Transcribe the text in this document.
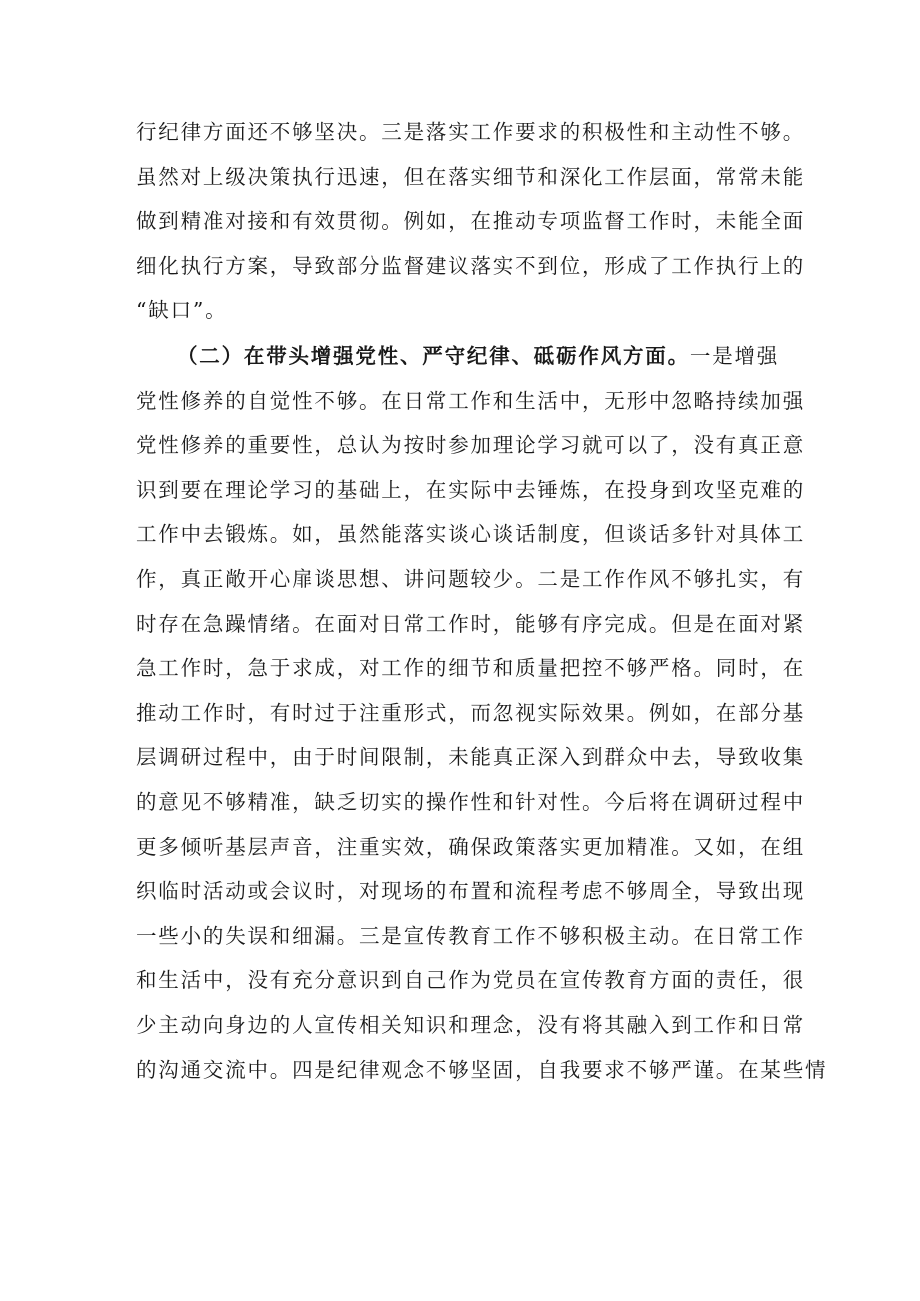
行纪律方面还不够坚决。三是落实工作要求的积极性和主动性不够。
虽然对上级决策执行迅速，但在落实细节和深化工作层面，常常未能
做到精准对接和有效贯彻。例如，在推动专项监督工作时，未能全面
细化执行方案，导致部分监督建议落实不到位，形成了工作执行上的
“缺口”。
（二）在带头增强党性、严守纪律、砥砺作风方面。一是增强
党性修养的自觉性不够。在日常工作和生活中，无形中忽略持续加强
党性修养的重要性，总认为按时参加理论学习就可以了，没有真正意
识到要在理论学习的基础上，在实际中去锤炼，在投身到攻坚克难的
工作中去锻炼。如，虽然能落实谈心谈话制度，但谈话多针对具体工
作，真正敞开心扉谈思想、讲问题较少。二是工作作风不够扎实，有
时存在急躁情绪。在面对日常工作时，能够有序完成。但是在面对紧
急工作时，急于求成，对工作的细节和质量把控不够严格。同时，在
推动工作时，有时过于注重形式，而忽视实际效果。例如，在部分基
层调研过程中，由于时间限制，未能真正深入到群众中去，导致收集
的意见不够精准，缺乏切实的操作性和针对性。今后将在调研过程中
更多倾听基层声音，注重实效，确保政策落实更加精准。又如，在组
织临时活动或会议时，对现场的布置和流程考虑不够周全，导致出现
一些小的失误和细漏。三是宣传教育工作不够积极主动。在日常工作
和生活中，没有充分意识到自己作为党员在宣传教育方面的责任，很
少主动向身边的人宣传相关知识和理念，没有将其融入到工作和日常
的沟通交流中。四是纪律观念不够坚固，自我要求不够严谨。在某些情
